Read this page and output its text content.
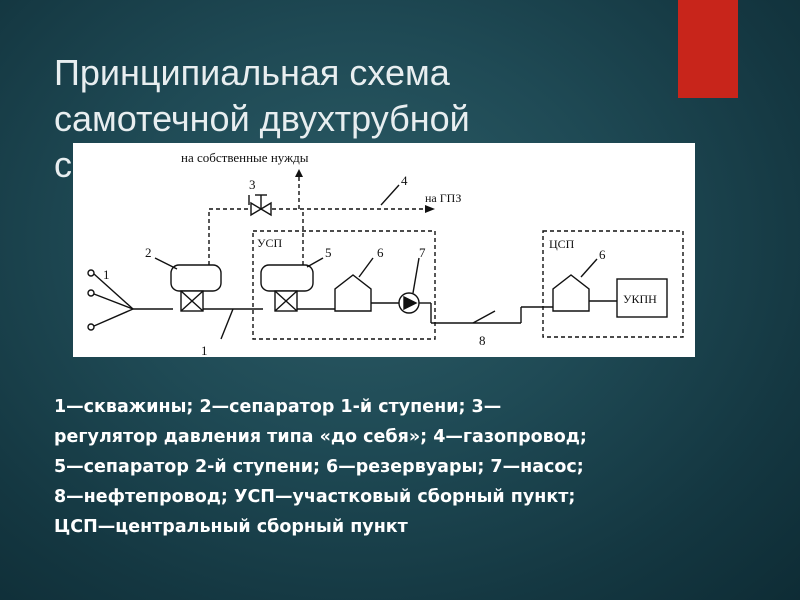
Принципиальная схема
самотечной двухтрубной
с	на собственные нужды
на ГПЗ
УСП	ЦСП
УКПН
1
1
2
3	4
5	6	6
7
8

1—скважины; 2—сепаратор 1-й ступени; 3—
регулятор давления типа «до себя»; 4—газопровод;
5—сепаратор 2-й ступени; 6—резервуары; 7—насос;
8—нефтепровод; УСП—участковый сборный пункт;
ЦСП—центральный сборный пункт
